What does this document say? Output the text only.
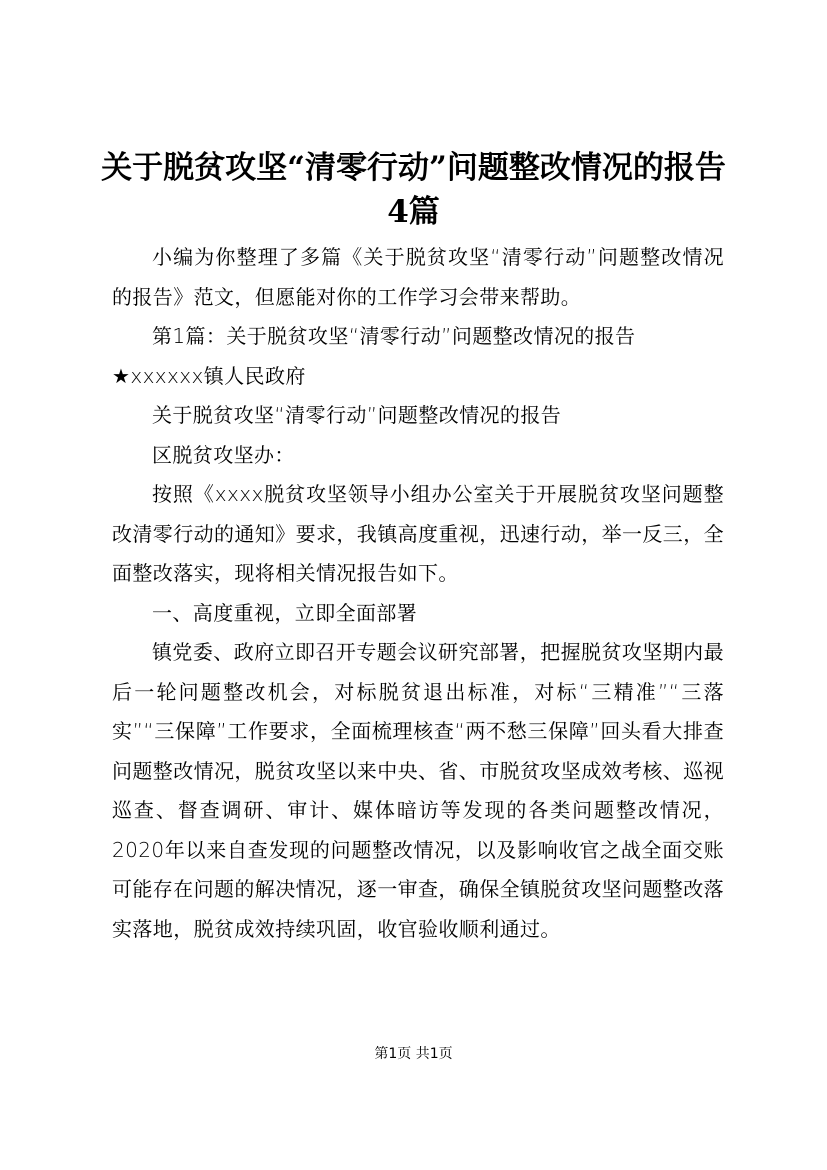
关于脱贫攻坚“清零行动”问题整改情况的报告4篇

小编为你整理了多篇《关于脱贫攻坚“清零行动”问题整改情况的报告》范文，但愿能对你的工作学习会带来帮助。

第1篇：关于脱贫攻坚“清零行动”问题整改情况的报告

★xxxxxx镇人民政府

关于脱贫攻坚“清零行动”问题整改情况的报告

区脱贫攻坚办：

按照《xxxx脱贫攻坚领导小组办公室关于开展脱贫攻坚问题整改清零行动的通知》要求，我镇高度重视，迅速行动，举一反三，全面整改落实，现将相关情况报告如下。

一、高度重视，立即全面部署

镇党委、政府立即召开专题会议研究部署，把握脱贫攻坚期内最后一轮问题整改机会，对标脱贫退出标准，对标“三精准”“三落实”“三保障”工作要求，全面梳理核查“两不愁三保障”回头看大排查问题整改情况，脱贫攻坚以来中央、省、市脱贫攻坚成效考核、巡视巡查、督查调研、审计、媒体暗访等发现的各类问题整改情况，2020年以来自查发现的问题整改情况，以及影响收官之战全面交账可能存在问题的解决情况，逐一审查，确保全镇脱贫攻坚问题整改落实落地，脱贫成效持续巩固，收官验收顺利通过。

第1页 共1页
